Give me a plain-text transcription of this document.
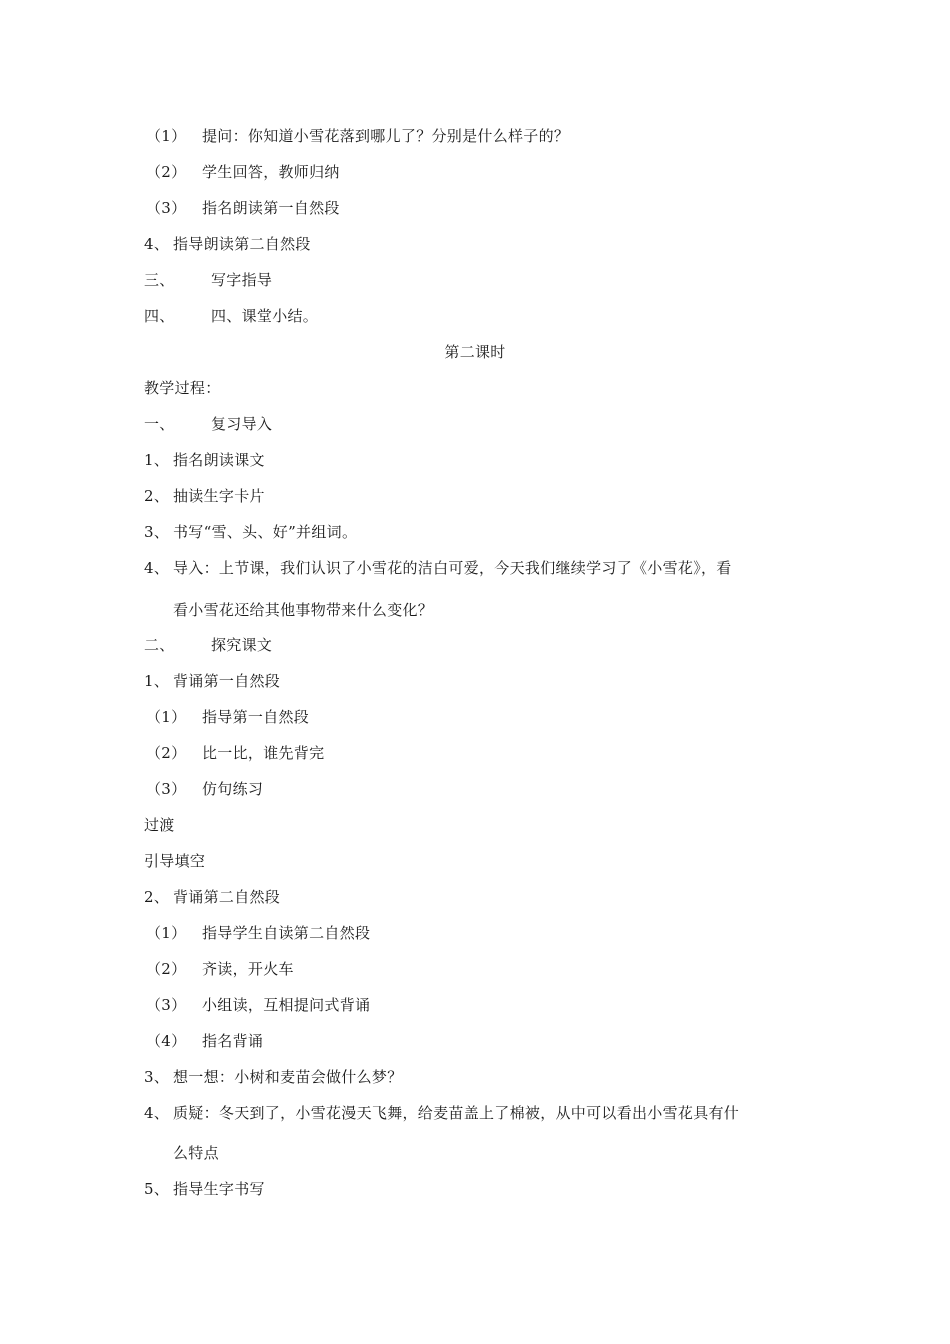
（1） 提问：你知道小雪花落到哪儿了？分别是什么样子的？
（2） 学生回答，教师归纳
（3） 指名朗读第一自然段
4、 指导朗读第二自然段
三、 写字指导
四、 四、课堂小结。
第二课时
教学过程：
一、 复习导入
1、 指名朗读课文
2、 抽读生字卡片
3、 书写“雪、头、好”并组词。
4、 导入：上节课，我们认识了小雪花的洁白可爱，今天我们继续学习了《小雪花》，看
看小雪花还给其他事物带来什么变化？
二、 探究课文
1、 背诵第一自然段
（1） 指导第一自然段
（2） 比一比，谁先背完
（3） 仿句练习
过渡
引导填空
2、 背诵第二自然段
（1） 指导学生自读第二自然段
（2） 齐读，开火车
（3） 小组读，互相提问式背诵
（4） 指名背诵
3、 想一想：小树和麦苗会做什么梦？
4、 质疑：冬天到了，小雪花漫天飞舞，给麦苗盖上了棉被，从中可以看出小雪花具有什
么特点
5、 指导生字书写
